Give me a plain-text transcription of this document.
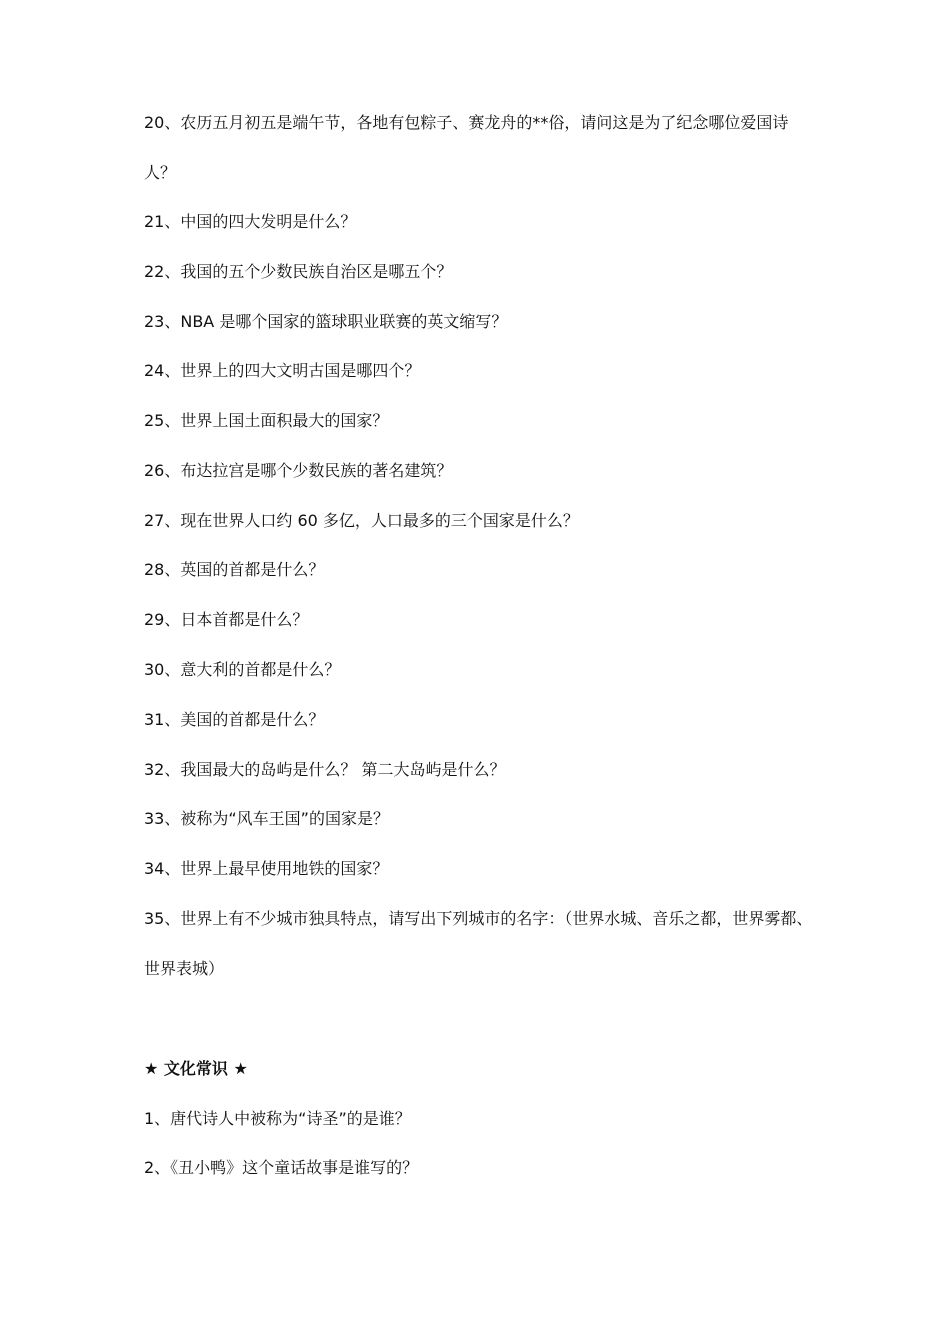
20、农历五月初五是端午节，各地有包粽子、赛龙舟的**俗，请问这是为了纪念哪位爱国诗人？
21、中国的四大发明是什么？
22、我国的五个少数民族自治区是哪五个？
23、NBA 是哪个国家的篮球职业联赛的英文缩写？
24、世界上的四大文明古国是哪四个？
25、世界上国土面积最大的国家？
26、布达拉宫是哪个少数民族的著名建筑？
27、现在世界人口约 60 多亿，人口最多的三个国家是什么？
28、英国的首都是什么？
29、日本首都是什么？
30、意大利的首都是什么？
31、美国的首都是什么？
32、我国最大的岛屿是什么？ 第二大岛屿是什么？
33、被称为“风车王国”的国家是？
34、世界上最早使用地铁的国家？
35、世界上有不少城市独具特点，请写出下列城市的名字：（世界水城、音乐之都，世界雾都、世界表城）
★ 文化常识 ★
1、唐代诗人中被称为“诗圣”的是谁？
2、《丑小鸭》这个童话故事是谁写的？
